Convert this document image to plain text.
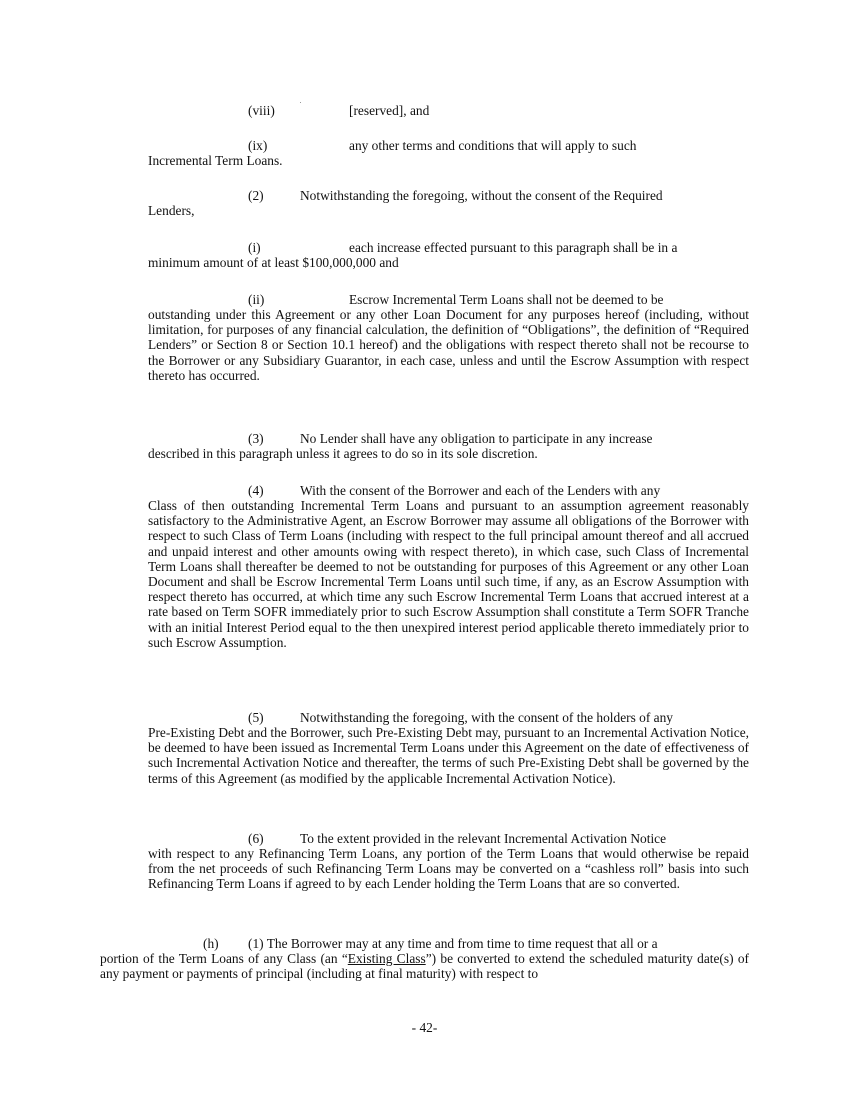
(viii)	[reserved], and
(ix)	any other terms and conditions that will apply to such
Incremental Term Loans.
(2)	Notwithstanding the foregoing, without the consent of the Required
Lenders,
(i)	each increase effected pursuant to this paragraph shall be in a
minimum amount of at least $100,000,000 and
(ii)	Escrow Incremental Term Loans shall not be deemed to be
outstanding under this Agreement or any other Loan Document for any purposes hereof (including, without limitation, for purposes of any financial calculation, the definition of “Obligations”, the definition of “Required Lenders” or Section 8 or Section 10.1 hereof) and the obligations with respect thereto shall not be recourse to the Borrower or any Subsidiary Guarantor, in each case, unless and until the Escrow Assumption with respect thereto has occurred.
(3)	No Lender shall have any obligation to participate in any increase
described in this paragraph unless it agrees to do so in its sole discretion.
(4)	With the consent of the Borrower and each of the Lenders with any
Class of then outstanding Incremental Term Loans and pursuant to an assumption agreement reasonably satisfactory to the Administrative Agent, an Escrow Borrower may assume all obligations of the Borrower with respect to such Class of Term Loans (including with respect to the full principal amount thereof and all accrued and unpaid interest and other amounts owing with respect thereto), in which case, such Class of Incremental Term Loans shall thereafter be deemed to not be outstanding for purposes of this Agreement or any other Loan Document and shall be Escrow Incremental Term Loans until such time, if any, as an Escrow Assumption with respect thereto has occurred, at which time any such Escrow Incremental Term Loans that accrued interest at a rate based on Term SOFR immediately prior to such Escrow Assumption shall constitute a Term SOFR Tranche with an initial Interest Period equal to the then unexpired interest period applicable thereto immediately prior to such Escrow Assumption.
(5)	Notwithstanding the foregoing, with the consent of the holders of any
Pre-Existing Debt and the Borrower, such Pre-Existing Debt may, pursuant to an Incremental Activation Notice, be deemed to have been issued as Incremental Term Loans under this Agreement on the date of effectiveness of such Incremental Activation Notice and thereafter, the terms of such Pre-Existing Debt shall be governed by the terms of this Agreement (as modified by the applicable Incremental Activation Notice).
(6)	To the extent provided in the relevant Incremental Activation Notice
with respect to any Refinancing Term Loans, any portion of the Term Loans that would otherwise be repaid from the net proceeds of such Refinancing Term Loans may be converted on a “cashless roll” basis into such Refinancing Term Loans if agreed to by each Lender holding the Term Loans that are so converted.
(h) (1) The Borrower may at any time and from time to time request that all or a
portion of the Term Loans of any Class (an “Existing Class”) be converted to extend the scheduled maturity date(s) of any payment or payments of principal (including at final maturity) with respect to
- 42-
